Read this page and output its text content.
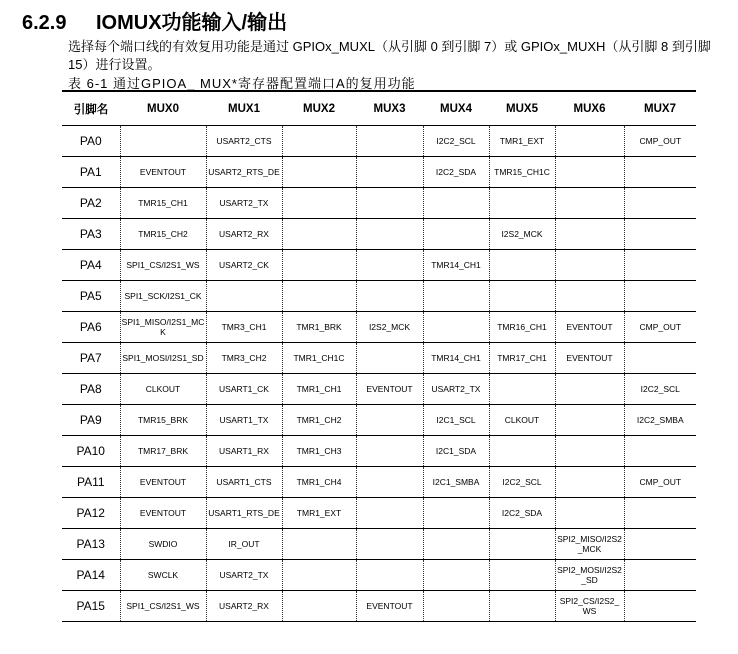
6.2.9 IOMUX功能输入/输出
选择每个端口线的有效复用功能是通过 GPIOx_MUXL（从引脚 0 到引脚 7）或 GPIOx_MUXH（从引脚 8 到引脚 15）进行设置。
表 6-1 通过GPIOA_ MUX*寄存器配置端口A的复用功能
引脚名	MUX0	MUX1	MUX2	MUX3	MUX4	MUX5	MUX6	MUX7
PA0		USART2_CTS			I2C2_SCL	TMR1_EXT		CMP_OUT
PA1	EVENTOUT	USART2_RTS_DE			I2C2_SDA	TMR15_CH1C		
PA2	TMR15_CH1	USART2_TX						
PA3	TMR15_CH2	USART2_RX				I2S2_MCK		
PA4	SPI1_CS/I2S1_WS	USART2_CK			TMR14_CH1			
PA5	SPI1_SCK/I2S1_CK							
PA6	SPI1_MISO/I2S1_MCK	TMR3_CH1	TMR1_BRK	I2S2_MCK		TMR16_CH1	EVENTOUT	CMP_OUT
PA7	SPI1_MOSI/I2S1_SD	TMR3_CH2	TMR1_CH1C		TMR14_CH1	TMR17_CH1	EVENTOUT	
PA8	CLKOUT	USART1_CK	TMR1_CH1	EVENTOUT	USART2_TX			I2C2_SCL
PA9	TMR15_BRK	USART1_TX	TMR1_CH2		I2C1_SCL	CLKOUT		I2C2_SMBA
PA10	TMR17_BRK	USART1_RX	TMR1_CH3		I2C1_SDA			
PA11	EVENTOUT	USART1_CTS	TMR1_CH4		I2C1_SMBA	I2C2_SCL		CMP_OUT
PA12	EVENTOUT	USART1_RTS_DE	TMR1_EXT			I2C2_SDA		
PA13	SWDIO	IR_OUT					SPI2_MISO/I2S2_MCK	
PA14	SWCLK	USART2_TX					SPI2_MOSI/I2S2_SD	
PA15	SPI1_CS/I2S1_WS	USART2_RX		EVENTOUT			SPI2_CS/I2S2_WS	
